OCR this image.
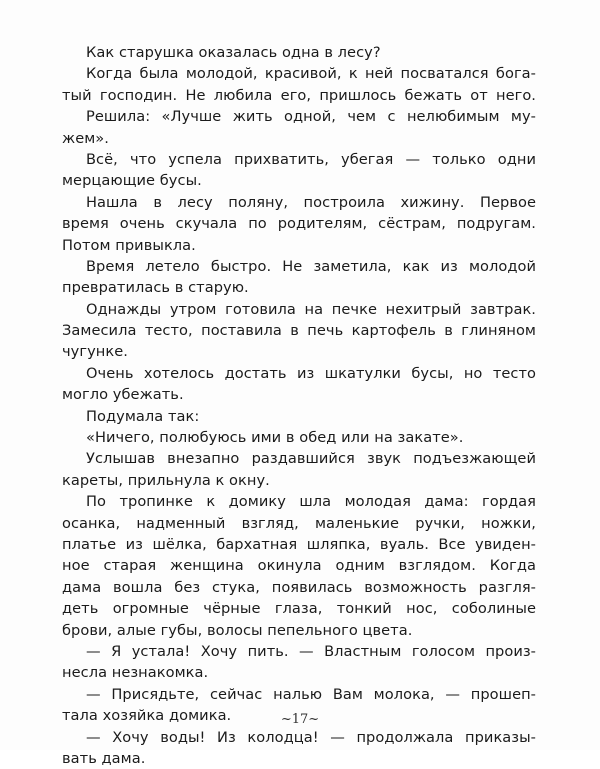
Как старушка оказалась одна в лесу?
Когда была молодой, красивой, к ней посватался бога-
тый господин. Не любила его, пришлось бежать от него.
Решила: «Лучше жить одной, чем с нелюбимым му-
жем».
Всё, что успела прихватить, убегая — только одни
мерцающие бусы.
Нашла в лесу поляну, построила хижину. Первое
время очень скучала по родителям, сёстрам, подругам.
Потом привыкла.
Время летело быстро. Не заметила, как из молодой
превратилась в старую.
Однажды утром готовила на печке нехитрый завтрак.
Замесила тесто, поставила в печь картофель в глиняном
чугунке.
Очень хотелось достать из шкатулки бусы, но тесто
могло убежать.
Подумала так:
«Ничего, полюбуюсь ими в обед или на закате».
Услышав внезапно раздавшийся звук подъезжающей
кареты, прильнула к окну.
По тропинке к домику шла молодая дама: гордая
осанка, надменный взгляд, маленькие ручки, ножки,
платье из шёлка, бархатная шляпка, вуаль. Все увиден-
ное старая женщина окинула одним взглядом. Когда
дама вошла без стука, появилась возможность разгля-
деть огромные чёрные глаза, тонкий нос, соболиные
брови, алые губы, волосы пепельного цвета.
— Я устала! Хочу пить. — Властным голосом произ-
несла незнакомка.
— Присядьте, сейчас налью Вам молока, — прошеп-
тала хозяйка домика.
— Хочу воды! Из колодца! — продолжала приказы-
вать дама.
~17~
